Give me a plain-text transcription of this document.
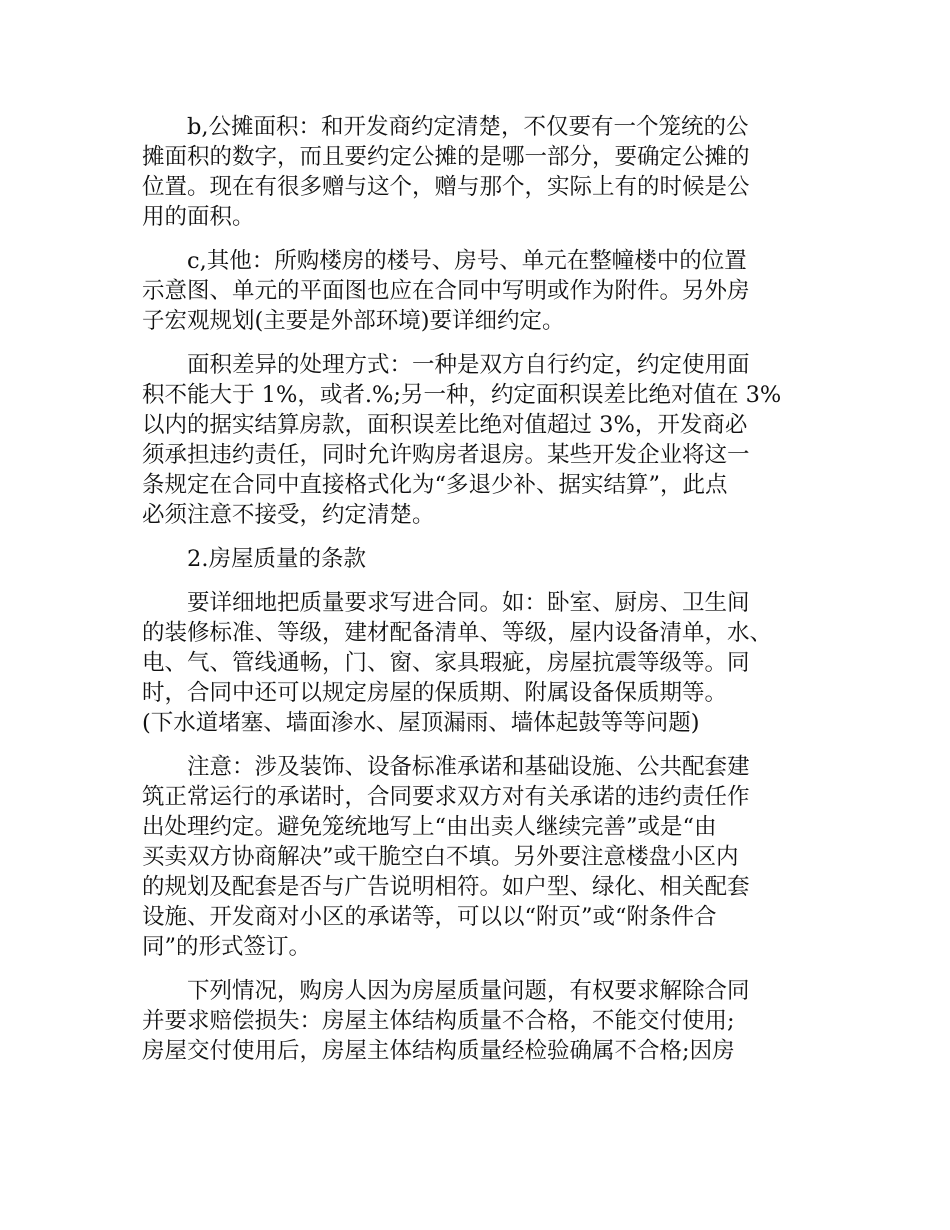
b,公摊面积：和开发商约定清楚，不仅要有一个笼统的公
摊面积的数字，而且要约定公摊的是哪一部分，要确定公摊的
位置。现在有很多赠与这个，赠与那个，实际上有的时候是公
用的面积。
c,其他：所购楼房的楼号、房号、单元在整幢楼中的位置
示意图、单元的平面图也应在合同中写明或作为附件。另外房
子宏观规划(主要是外部环境)要详细约定。
面积差异的处理方式：一种是双方自行约定，约定使用面
积不能大于 1%，或者.%;另一种，约定面积误差比绝对值在 3%
以内的据实结算房款，面积误差比绝对值超过 3%，开发商必
须承担违约责任，同时允许购房者退房。某些开发企业将这一
条规定在合同中直接格式化为“多退少补、据实结算”，此点
必须注意不接受，约定清楚。
2.房屋质量的条款
要详细地把质量要求写进合同。如：卧室、厨房、卫生间
的装修标准、等级，建材配备清单、等级，屋内设备清单，水、
电、气、管线通畅，门、窗、家具瑕疵，房屋抗震等级等。同
时，合同中还可以规定房屋的保质期、附属设备保质期等。
(下水道堵塞、墙面渗水、屋顶漏雨、墙体起鼓等等问题)
注意：涉及装饰、设备标准承诺和基础设施、公共配套建
筑正常运行的承诺时，合同要求双方对有关承诺的违约责任作
出处理约定。避免笼统地写上“由出卖人继续完善”或是“由
买卖双方协商解决”或干脆空白不填。另外要注意楼盘小区内
的规划及配套是否与广告说明相符。如户型、绿化、相关配套
设施、开发商对小区的承诺等，可以以“附页”或“附条件合
同”的形式签订。
下列情况，购房人因为房屋质量问题，有权要求解除合同
并要求赔偿损失：房屋主体结构质量不合格，不能交付使用;
房屋交付使用后，房屋主体结构质量经检验确属不合格;因房
